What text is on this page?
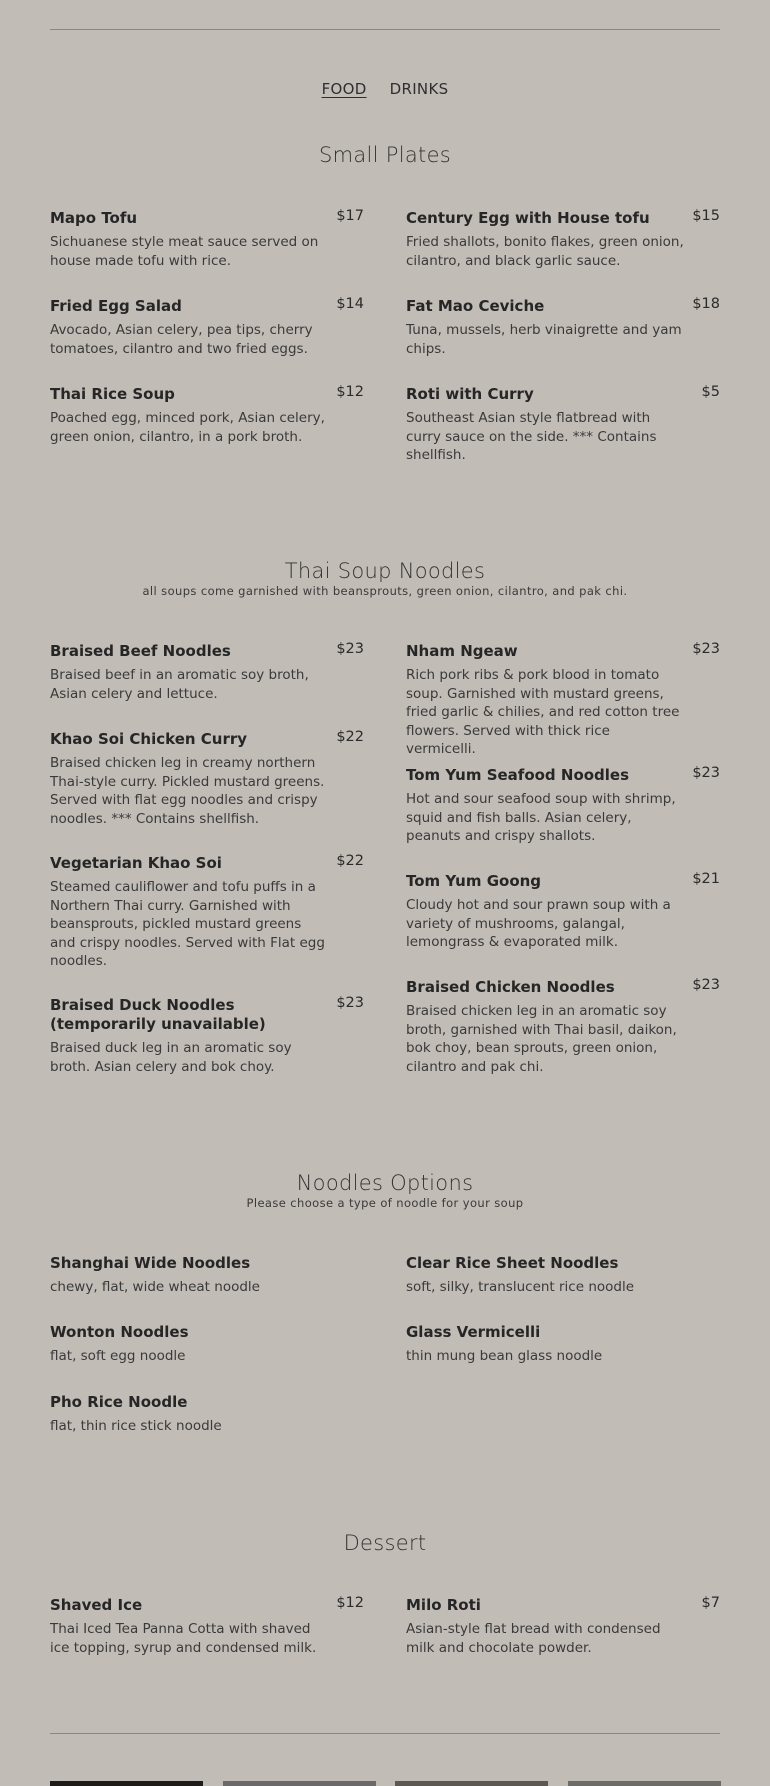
FOOD DRINKS
Small Plates
Mapo Tofu	$17
Sichuanese style meat sauce served on house made tofu with rice.
Century Egg with House tofu	$15
Fried shallots, bonito flakes, green onion, cilantro, and black garlic sauce.
Fried Egg Salad	$14
Avocado, Asian celery, pea tips, cherry tomatoes, cilantro and two fried eggs.
Fat Mao Ceviche	$18
Tuna, mussels, herb vinaigrette and yam chips.
Thai Rice Soup	$12
Poached egg, minced pork, Asian celery, green onion, cilantro, in a pork broth.
Roti with Curry	$5
Southeast Asian style flatbread with curry sauce on the side. *** Contains shellfish.
Thai Soup Noodles
all soups come garnished with beansprouts, green onion, cilantro, and pak chi.
Braised Beef Noodles	$23
Braised beef in an aromatic soy broth, Asian celery and lettuce.
Nham Ngeaw	$23
Rich pork ribs & pork blood in tomato soup. Garnished with mustard greens, fried garlic & chilies, and red cotton tree flowers. Served with thick rice vermicelli.
Khao Soi Chicken Curry	$22
Braised chicken leg in creamy northern Thai-style curry. Pickled mustard greens. Served with flat egg noodles and crispy noodles. *** Contains shellfish.
Tom Yum Seafood Noodles	$23
Hot and sour seafood soup with shrimp, squid and fish balls. Asian celery, peanuts and crispy shallots.
Vegetarian Khao Soi	$22
Steamed cauliflower and tofu puffs in a Northern Thai curry. Garnished with beansprouts, pickled mustard greens and crispy noodles. Served with Flat egg noodles.
Tom Yum Goong	$21
Cloudy hot and sour prawn soup with a variety of mushrooms, galangal, lemongrass & evaporated milk.
Braised Duck Noodles (temporarily unavailable)
$23
Braised duck leg in an aromatic soy broth. Asian celery and bok choy.
Braised Chicken Noodles	$23
Braised chicken leg in an aromatic soy broth, garnished with Thai basil, daikon, bok choy, bean sprouts, green onion, cilantro and pak chi.
Noodles Options
Please choose a type of noodle for your soup
Shanghai Wide Noodles
chewy, flat, wide wheat noodle
Clear Rice Sheet Noodles
soft, silky, translucent rice noodle
Wonton Noodles
flat, soft egg noodle
Glass Vermicelli
thin mung bean glass noodle
Pho Rice Noodle
flat, thin rice stick noodle
Dessert
Shaved Ice	$12
Thai Iced Tea Panna Cotta with shaved ice topping, syrup and condensed milk.
Milo Roti	$7
Asian-style flat bread with condensed milk and chocolate powder.
